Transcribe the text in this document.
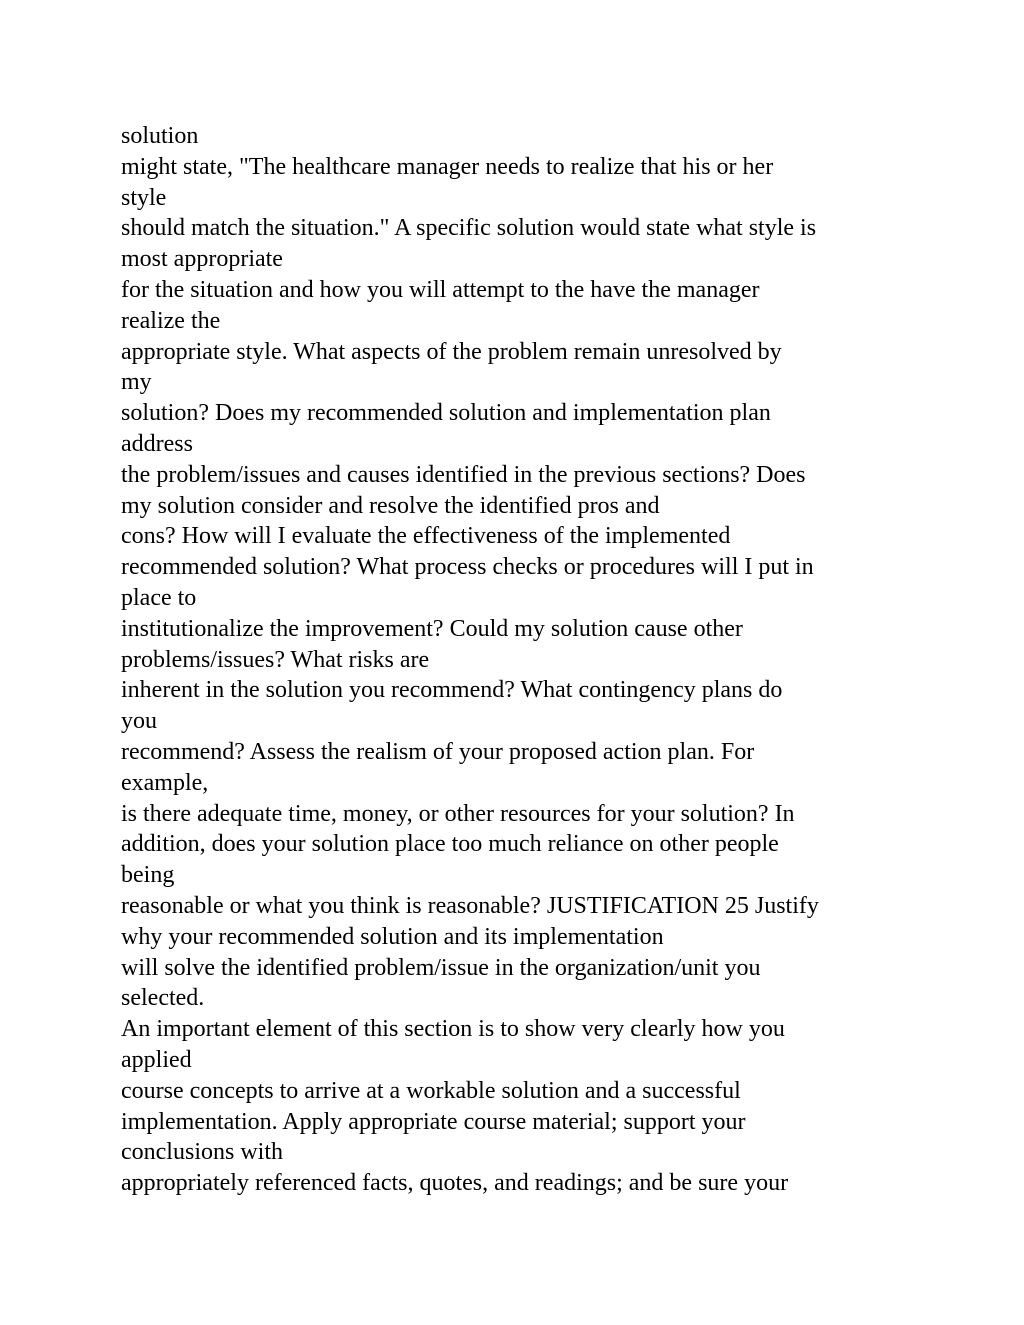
solution
might state, "The healthcare manager needs to realize that his or her
style
should match the situation." A specific solution would state what style is
most appropriate
for the situation and how you will attempt to the have the manager
realize the
appropriate style. What aspects of the problem remain unresolved by
my
solution? Does my recommended solution and implementation plan
address
the problem/issues and causes identified in the previous sections? Does
my solution consider and resolve the identified pros and
cons? How will I evaluate the effectiveness of the implemented
recommended solution? What process checks or procedures will I put in
place to
institutionalize the improvement? Could my solution cause other
problems/issues? What risks are
inherent in the solution you recommend? What contingency plans do
you
recommend? Assess the realism of your proposed action plan. For
example,
is there adequate time, money, or other resources for your solution? In
addition, does your solution place too much reliance on other people
being
reasonable or what you think is reasonable? JUSTIFICATION 25 Justify
why your recommended solution and its implementation
will solve the identified problem/issue in the organization/unit you
selected.
An important element of this section is to show very clearly how you
applied
course concepts to arrive at a workable solution and a successful
implementation. Apply appropriate course material; support your
conclusions with
appropriately referenced facts, quotes, and readings; and be sure your
